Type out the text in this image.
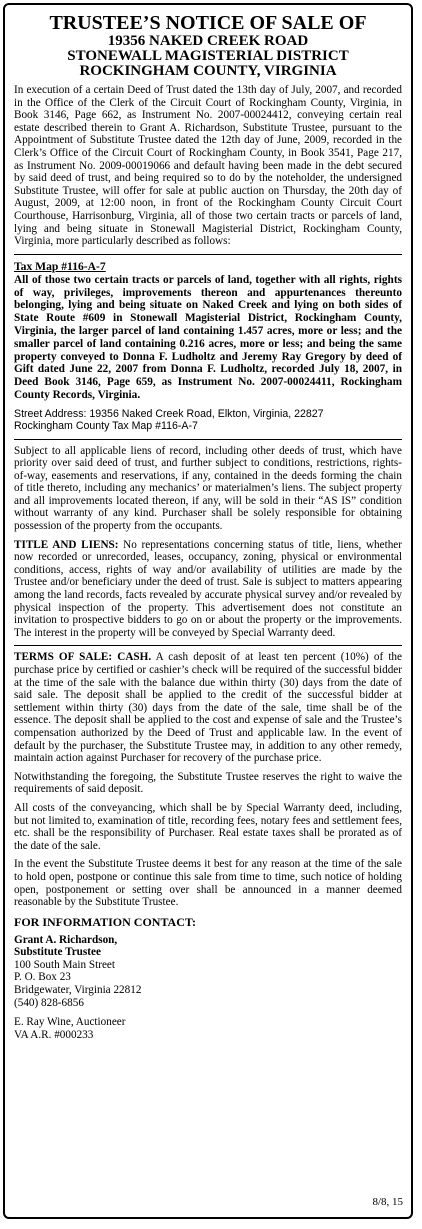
TRUSTEE’S NOTICE OF SALE OF
19356 NAKED CREEK ROAD
STONEWALL MAGISTERIAL DISTRICT
ROCKINGHAM COUNTY, VIRGINIA

In execution of a certain Deed of Trust dated the 13th day of July, 2007, and recorded in the Office of the Clerk of the Circuit Court of Rockingham County, Virginia, in Book 3146, Page 662, as Instrument No. 2007-00024412, conveying certain real estate described therein to Grant A. Richardson, Substitute Trustee, pursuant to the Appointment of Substitute Trustee dated the 12th day of June, 2009, recorded in the Clerk’s Office of the Circuit Court of Rockingham County, in Book 3541, Page 217, as Instrument No. 2009-00019066 and default having been made in the debt secured by said deed of trust, and being required so to do by the noteholder, the undersigned Substitute Trustee, will offer for sale at public auction on Thursday, the 20th day of August, 2009, at 12:00 noon, in front of the Rockingham County Circuit Court Courthouse, Harrisonburg, Virginia, all of those two certain tracts or parcels of land, lying and being situate in Stonewall Magisterial District, Rockingham County, Virginia, more particularly described as follows:

Tax Map #116-A-7

All of those two certain tracts or parcels of land, together with all rights, rights of way, privileges, improvements thereon and appurtenances thereunto belonging, lying and being situate on Naked Creek and lying on both sides of State Route #609 in Stonewall Magisterial District, Rockingham County, Virginia, the larger parcel of land containing 1.457 acres, more or less; and the smaller parcel of land containing 0.216 acres, more or less; and being the same property conveyed to Donna F. Ludholtz and Jeremy Ray Gregory by deed of Gift dated June 22, 2007 from Donna F. Ludholtz, recorded July 18, 2007, in Deed Book 3146, Page 659, as Instrument No. 2007-00024411, Rockingham County Records, Virginia.

Street Address: 19356 Naked Creek Road, Elkton, Virginia, 22827
Rockingham County Tax Map #116-A-7

Subject to all applicable liens of record, including other deeds of trust, which have priority over said deed of trust, and further subject to conditions, restrictions, rights-of-way, easements and reservations, if any, contained in the deeds forming the chain of title thereto, including any mechanics’ or materialmen’s liens. The subject property and all improvements located thereon, if any, will be sold in their “AS IS” condition without warranty of any kind. Purchaser shall be solely responsible for obtaining possession of the property from the occupants.

TITLE AND LIENS: No representations concerning status of title, liens, whether now recorded or unrecorded, leases, occupancy, zoning, physical or environmental conditions, access, rights of way and/or availability of utilities are made by the Trustee and/or beneficiary under the deed of trust. Sale is subject to matters appearing among the land records, facts revealed by accurate physical survey and/or revealed by physical inspection of the property. This advertisement does not constitute an invitation to prospective bidders to go on or about the property or the improvements. The interest in the property will be conveyed by Special Warranty deed.

TERMS OF SALE: CASH. A cash deposit of at least ten percent (10%) of the purchase price by certified or cashier’s check will be required of the successful bidder at the time of the sale with the balance due within thirty (30) days from the date of said sale. The deposit shall be applied to the credit of the successful bidder at settlement within thirty (30) days from the date of the sale, time shall be of the essence. The deposit shall be applied to the cost and expense of sale and the Trustee’s compensation authorized by the Deed of Trust and applicable law. In the event of default by the purchaser, the Substitute Trustee may, in addition to any other remedy, maintain action against Purchaser for recovery of the purchase price.

Notwithstanding the foregoing, the Substitute Trustee reserves the right to waive the requirements of said deposit.

All costs of the conveyancing, which shall be by Special Warranty deed, including, but not limited to, examination of title, recording fees, notary fees and settlement fees, etc. shall be the responsibility of Purchaser. Real estate taxes shall be prorated as of the date of the sale.

In the event the Substitute Trustee deems it best for any reason at the time of the sale to hold open, postpone or continue this sale from time to time, such notice of holding open, postponement or setting over shall be announced in a manner deemed reasonable by the Substitute Trustee.

FOR INFORMATION CONTACT:
Grant A. Richardson,
Substitute Trustee
100 South Main Street
P. O. Box 23
Bridgewater, Virginia 22812
(540) 828-6856
E. Ray Wine, Auctioneer
VA A.R. #000233
8/8, 15
